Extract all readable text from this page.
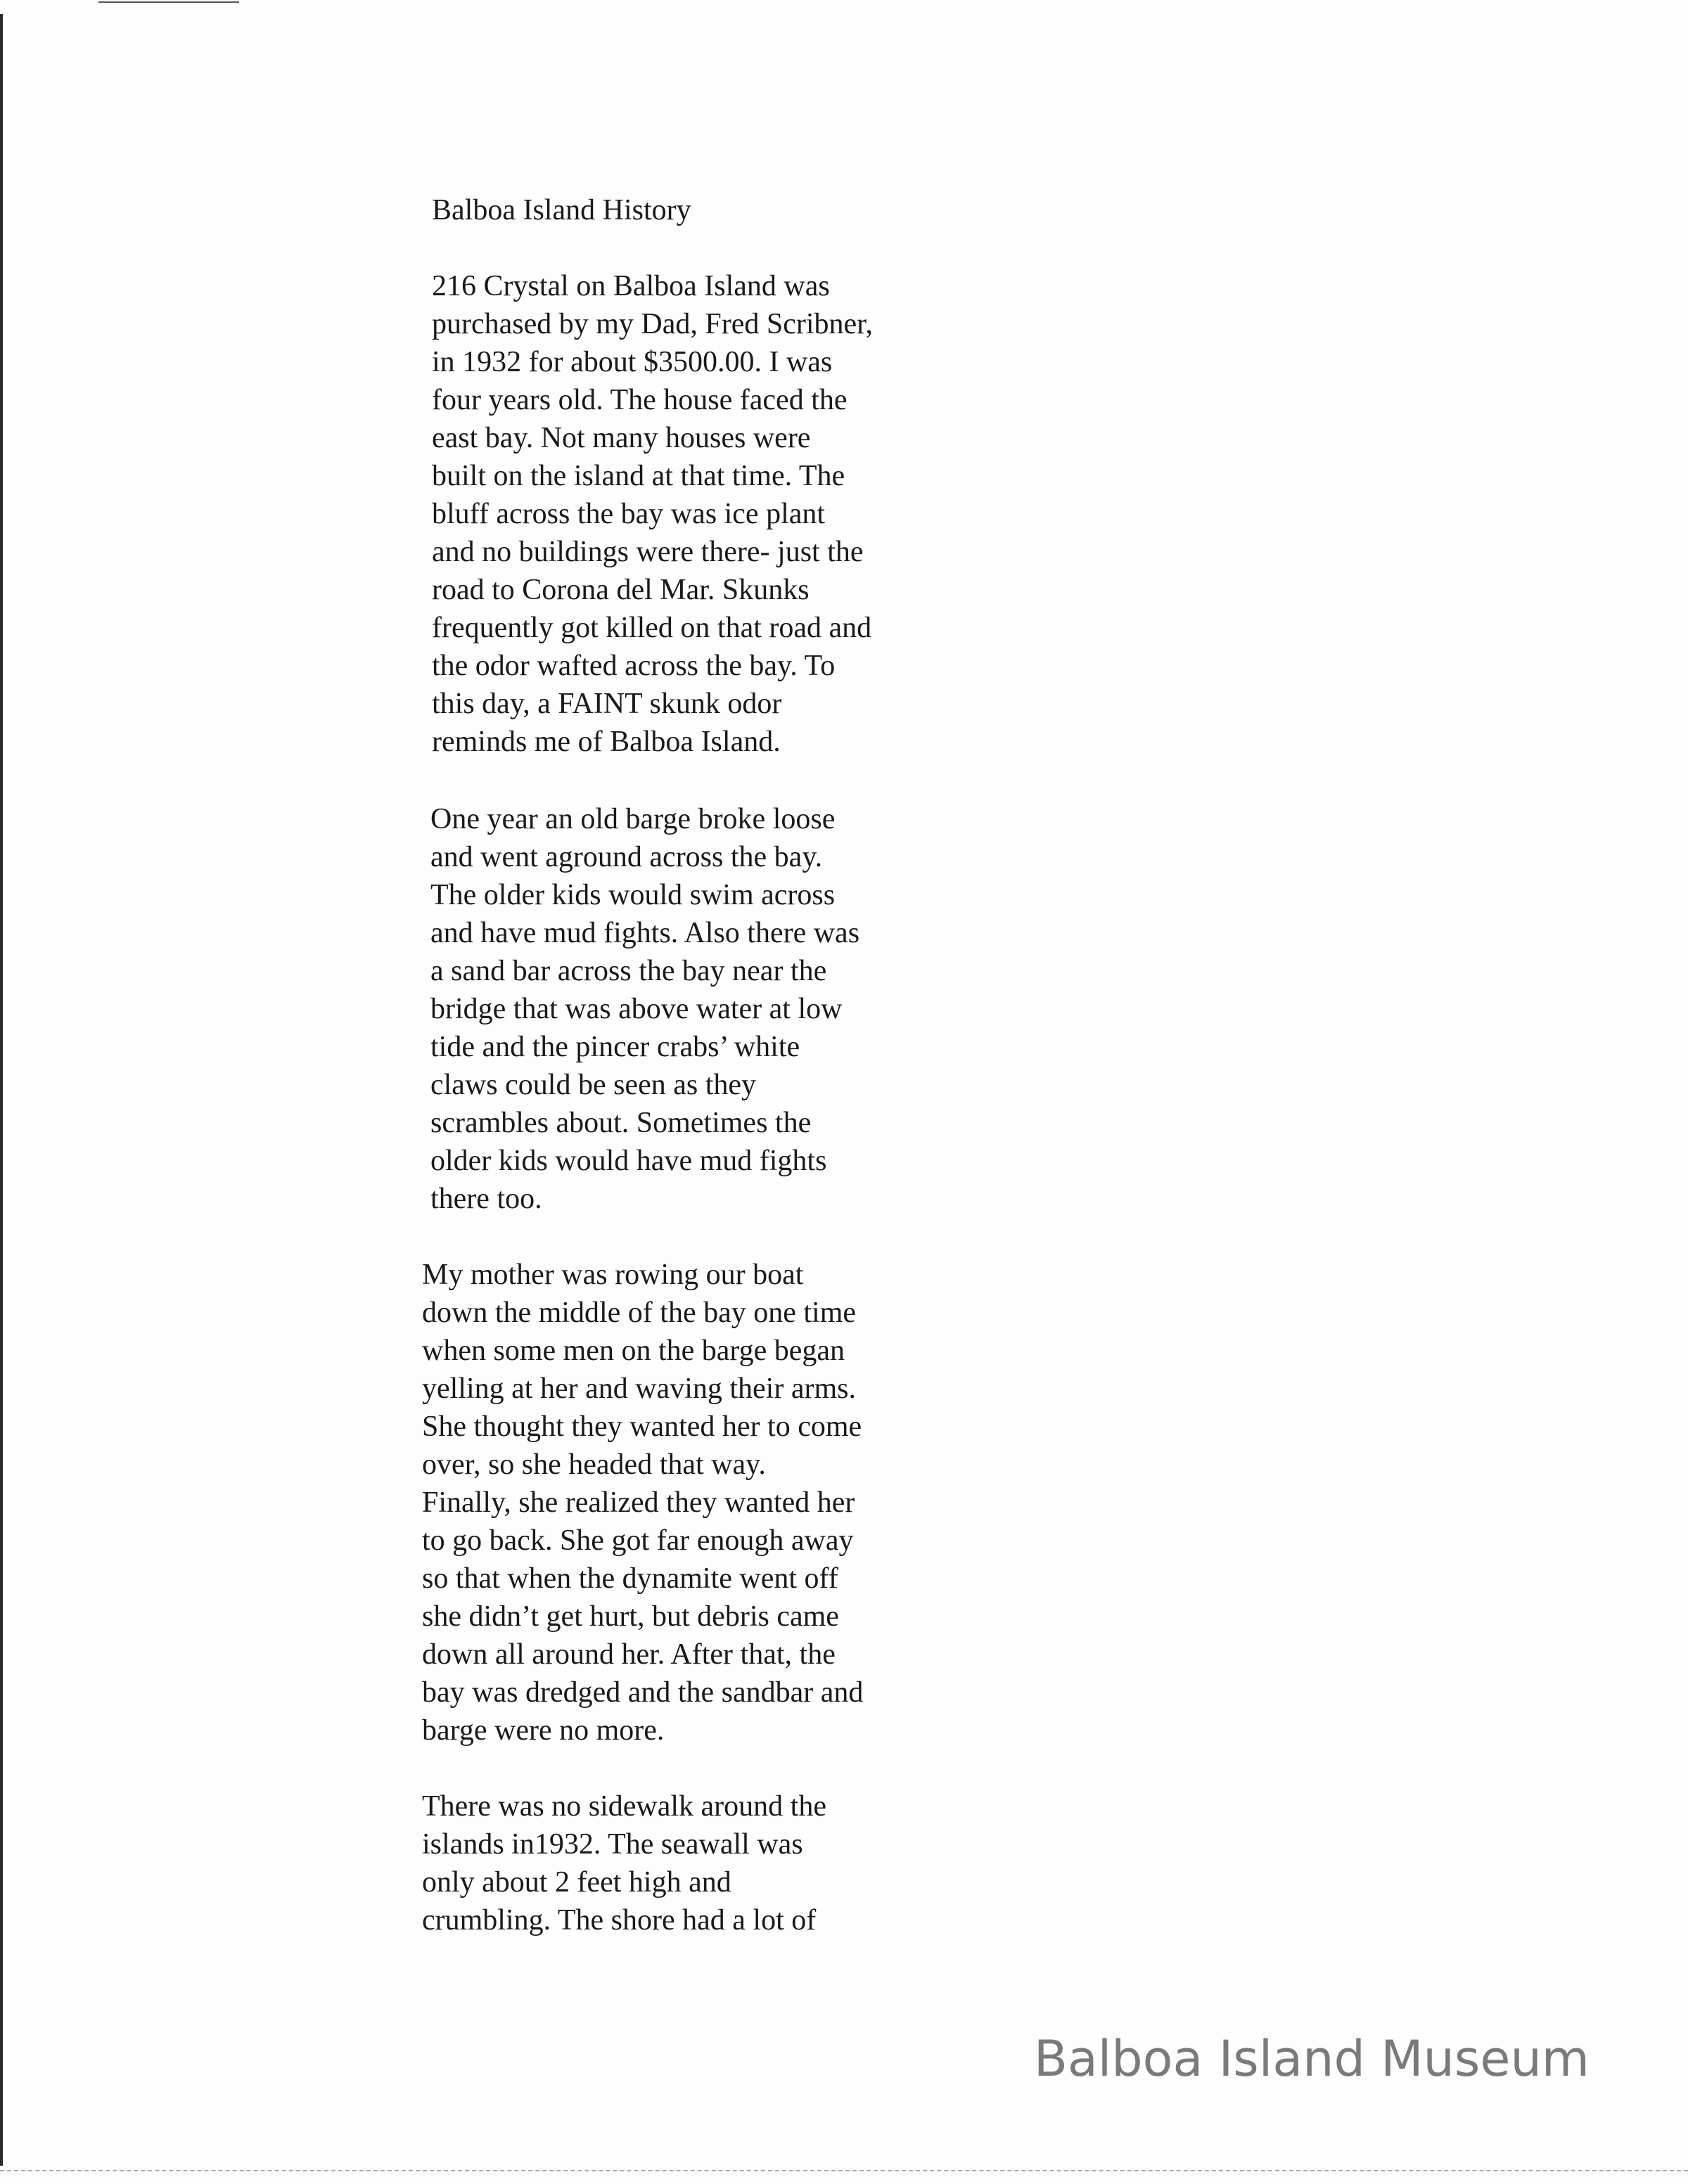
Balboa Island History

216 Crystal on Balboa Island was
purchased by my Dad, Fred Scribner,
in 1932 for about $3500.00. I was
four years old. The house faced the
east bay. Not many houses were
built on the island at that time. The
bluff across the bay was ice plant
and no buildings were there- just the
road to Corona del Mar. Skunks
frequently got killed on that road and
the odor wafted across the bay. To
this day, a FAINT skunk odor
reminds me of Balboa Island.

One year an old barge broke loose
and went aground across the bay.
The older kids would swim across
and have mud fights. Also there was
a sand bar across the bay near the
bridge that was above water at low
tide and the pincer crabs’ white
claws could be seen as they
scrambles about. Sometimes the
older kids would have mud fights
there too.

My mother was rowing our boat
down the middle of the bay one time
when some men on the barge began
yelling at her and waving their arms.
She thought they wanted her to come
over, so she headed that way.
Finally, she realized they wanted her
to go back. She got far enough away
so that when the dynamite went off
she didn’t get hurt, but debris came
down all around her. After that, the
bay was dredged and the sandbar and
barge were no more.

There was no sidewalk around the
islands in1932. The seawall was
only about 2 feet high and
crumbling. The shore had a lot of

Balboa Island Museum
